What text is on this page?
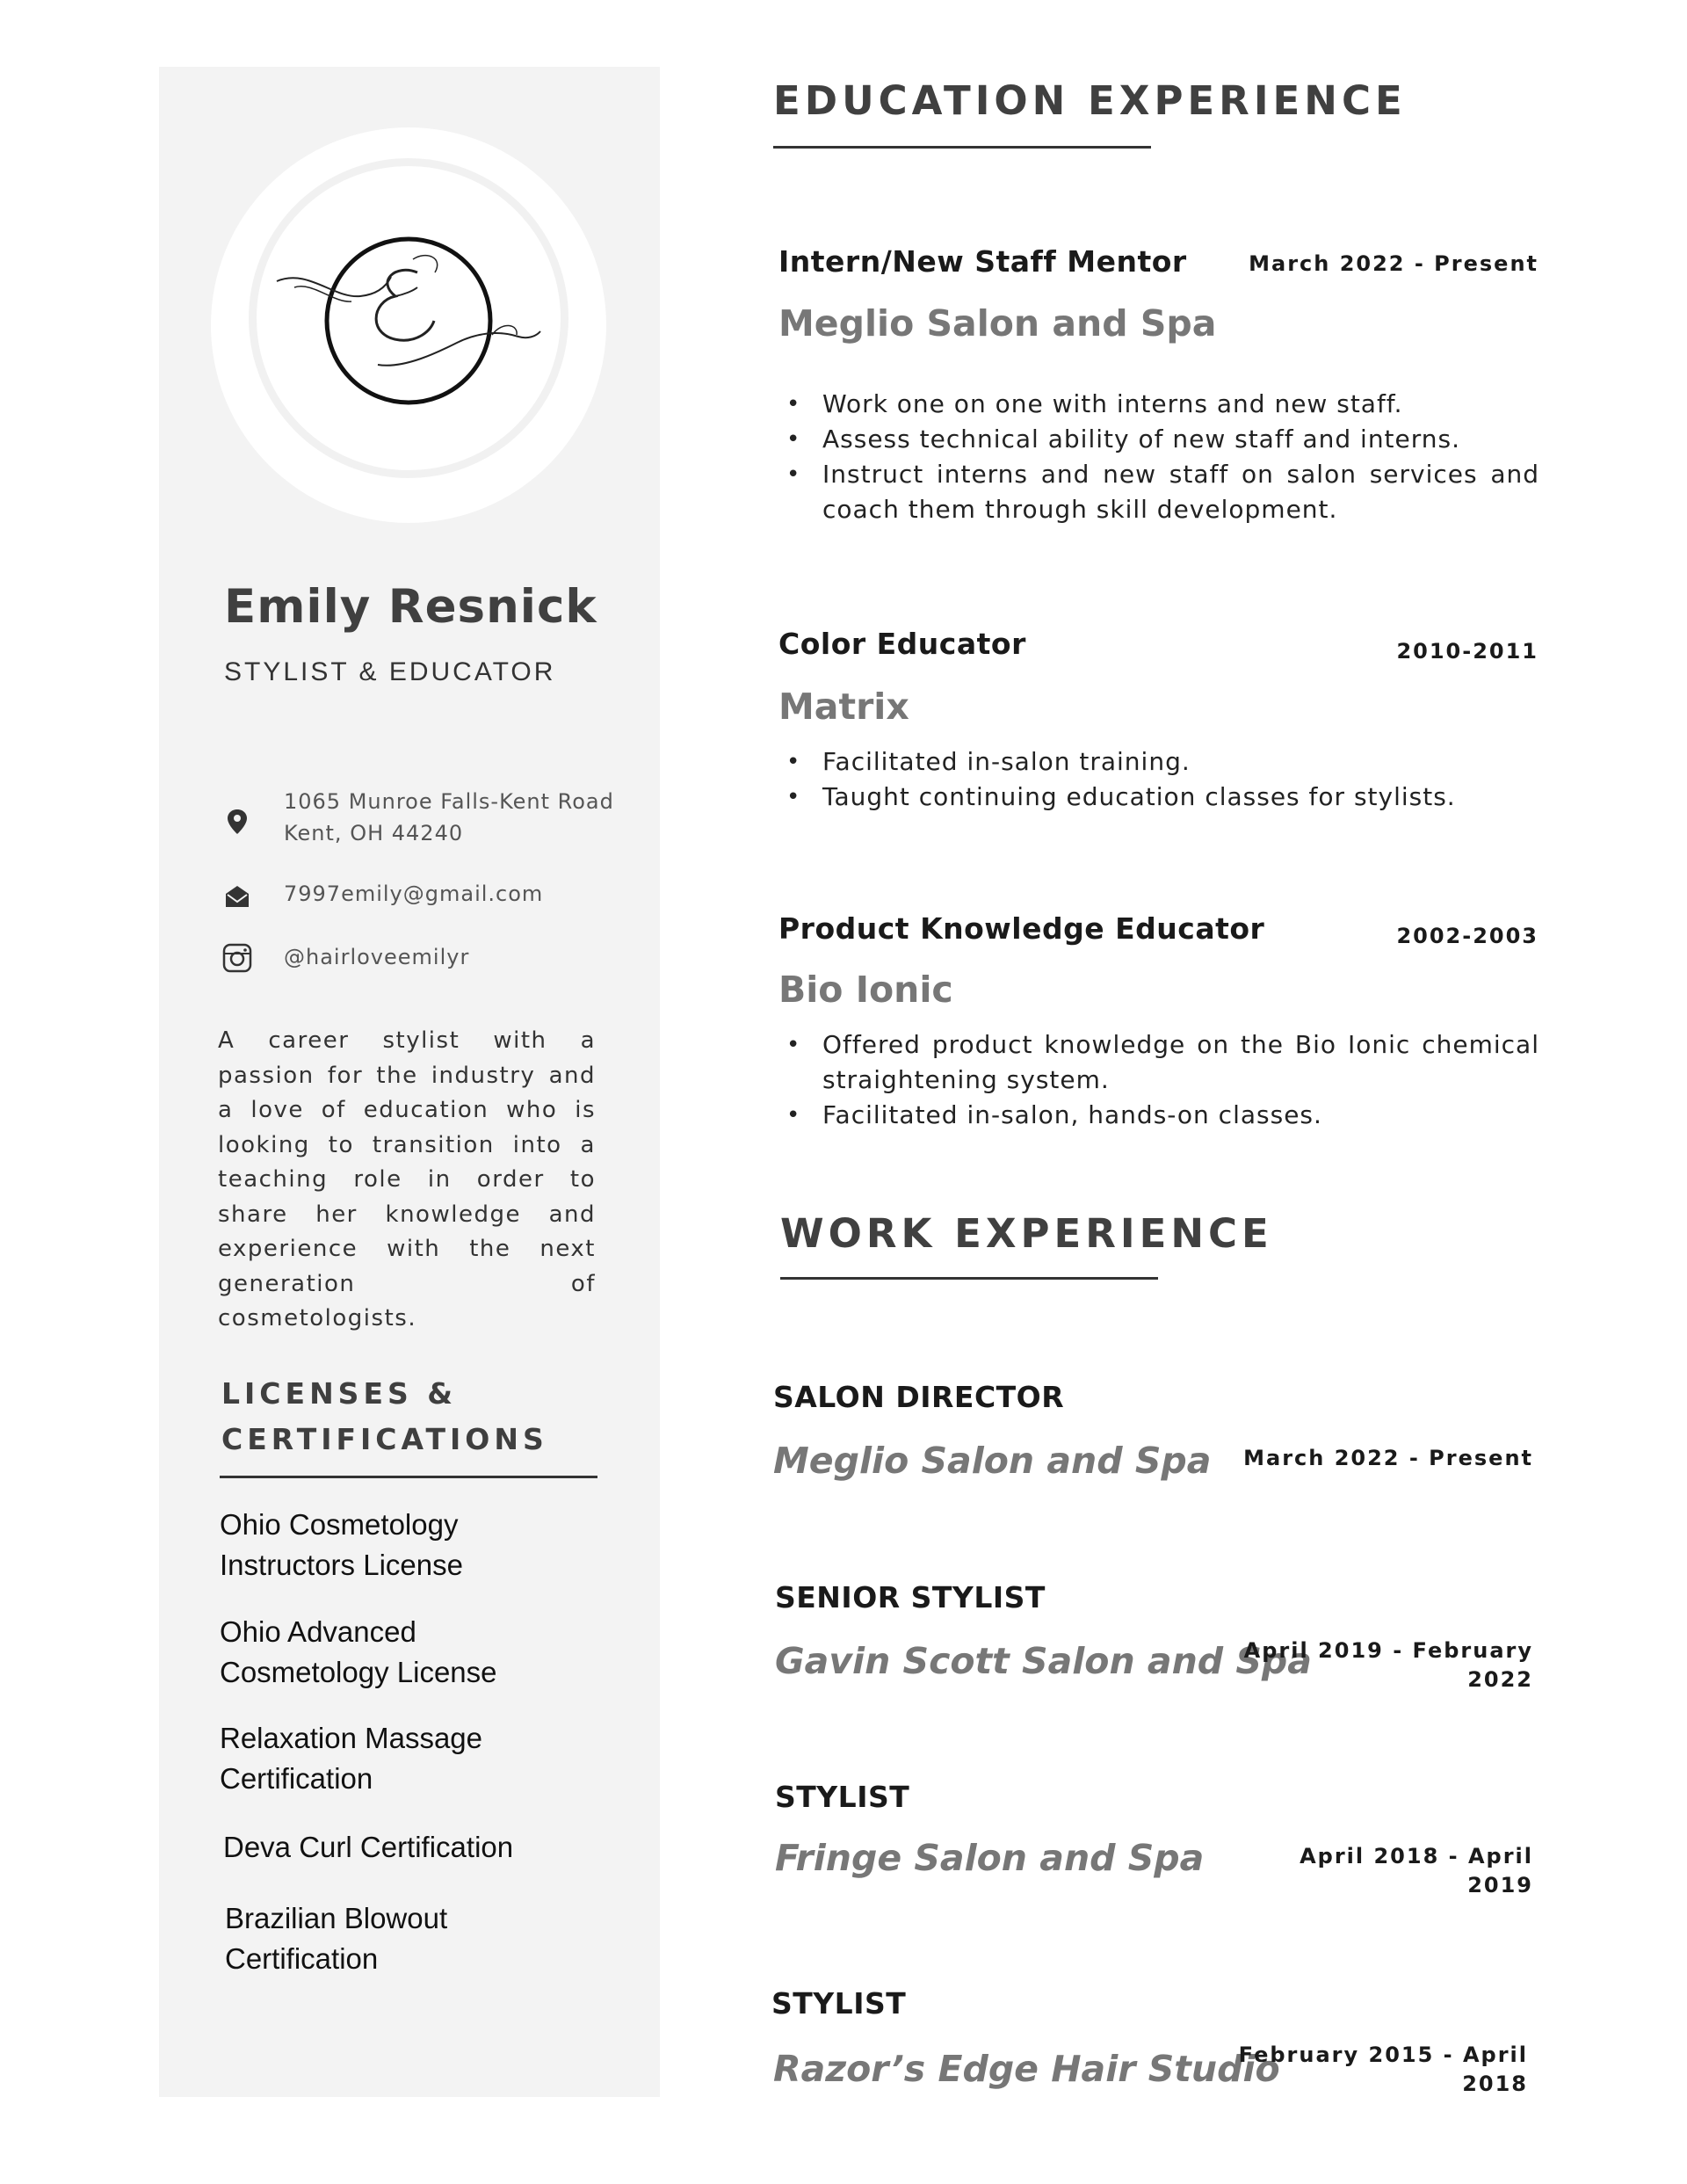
Emily Resnick
STYLIST & EDUCATOR
1065 Munroe Falls-Kent Road
Kent, OH 44240
7997emily@gmail.com
@hairloveemilyr
A career stylist with a passion for the industry and a love of education who is looking to transition into a teaching role in order to share her knowledge and experience with the next generation of cosmetologists.
LICENSES &
CERTIFICATIONS
Ohio Cosmetology
Instructors License
Ohio Advanced
Cosmetology License
Relaxation Massage
Certification
Deva Curl Certification
Brazilian Blowout
Certification
EDUCATION EXPERIENCE
Intern/New Staff Mentor	March 2022 - Present
Meglio Salon and Spa
• Work one on one with interns and new staff.
• Assess technical ability of new staff and interns.
• Instruct interns and new staff on salon services and coach them through skill development.
Color Educator	2010-2011
Matrix
• Facilitated in-salon training.
• Taught continuing education classes for stylists.
Product Knowledge Educator	2002-2003
Bio Ionic
• Offered product knowledge on the Bio Ionic chemical straightening system.
• Facilitated in-salon, hands-on classes.
WORK EXPERIENCE
SALON DIRECTOR
Meglio Salon and Spa March 2022 - Present
SENIOR STYLIST
Gavin Scott Salon and Spa
April 2019 - February
2022
STYLIST
Fringe Salon and Spa	April 2018 - April
2019
STYLIST
Razor’s Edge Hair Studio
February 2015 - April
2018
